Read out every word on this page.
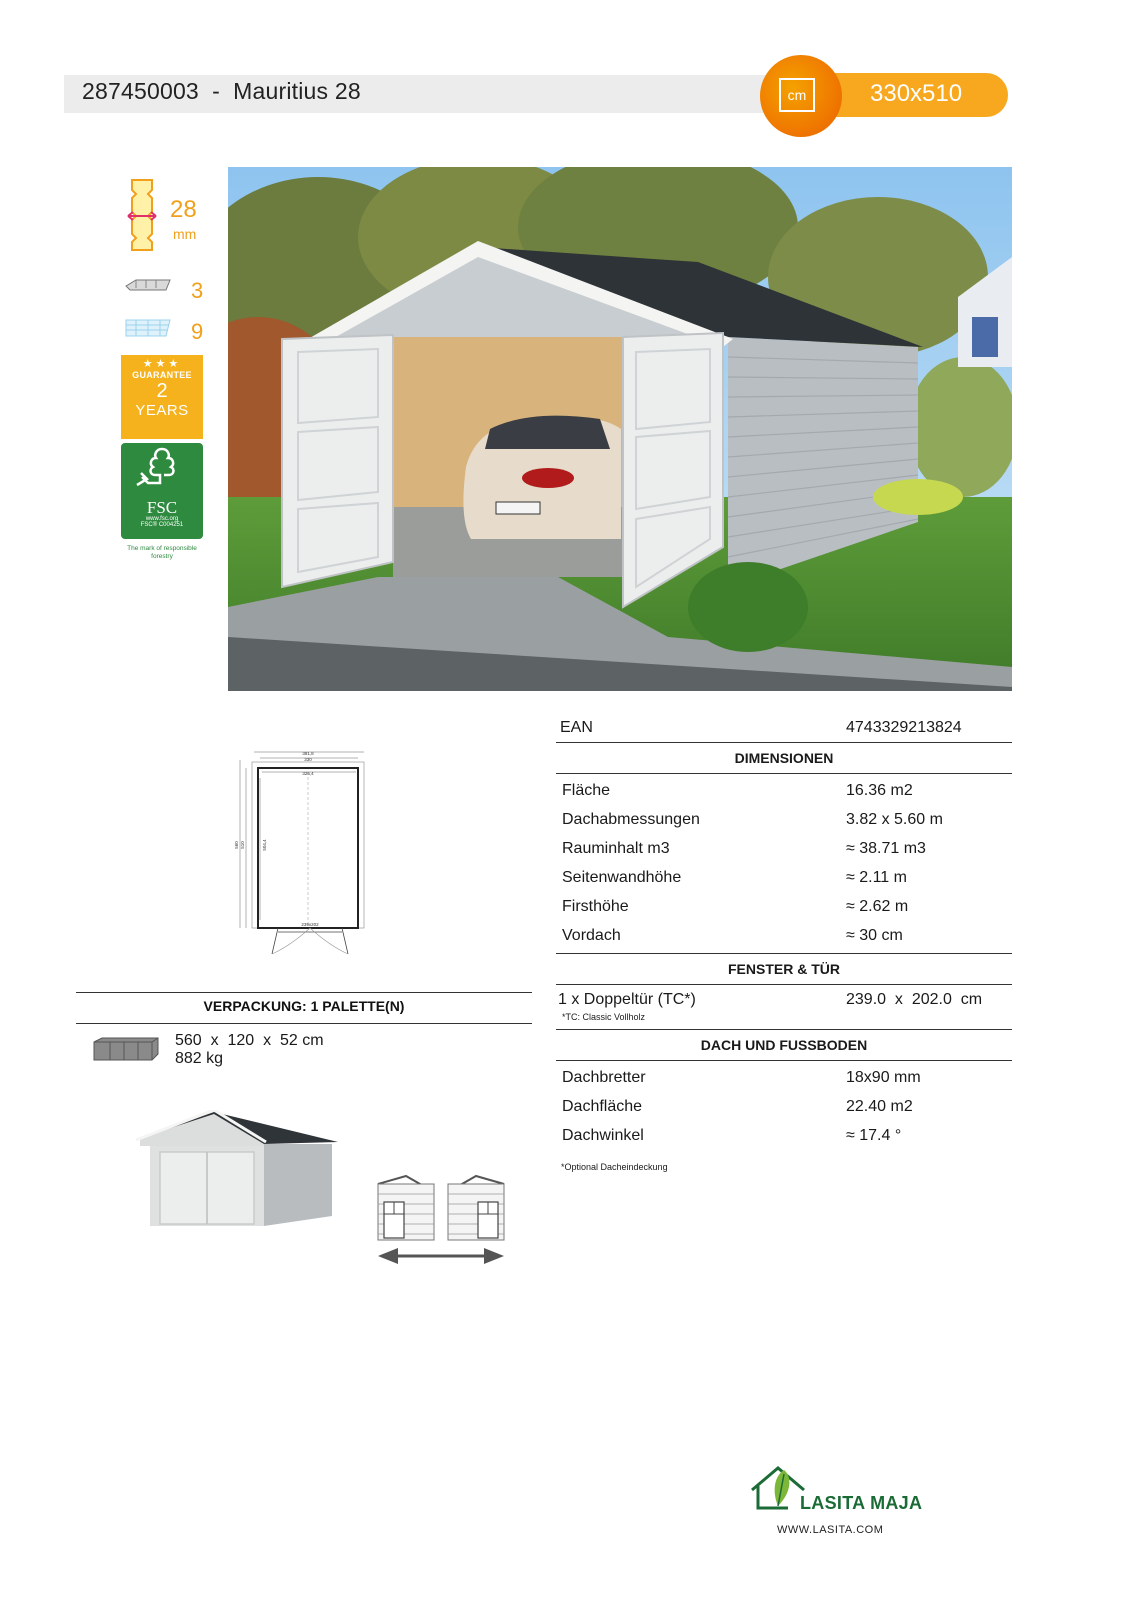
287450003  -  Mauritius 28	330x510
cm
28
mm
3
9
★★★
GUARANTEE
2
YEARS
FSC
www.fsc.org
FSC® C004251
The mark of responsible forestry
381,8
330
326,4
560 510	504,4
239x202
VERPACKUNG: 1 PALETTE(N)
560  x  120  x  52 cm
882 kg
EAN	4743329213824
DIMENSIONEN
Fläche	16.36 m2
Dachabmessungen	3.82 x 5.60 m
Rauminhalt m3	≈ 38.71 m3
Seitenwandhöhe	≈ 2.11 m
Firsthöhe	≈ 2.62 m
Vordach	≈ 30 cm
FENSTER & TÜR
1 x Doppeltür (TC*)	239.0  x  202.0  cm
*TC: Classic Vollholz
DACH UND FUSSBODEN
Dachbretter	18x90 mm
Dachfläche	22.40 m2
Dachwinkel	≈ 17.4 °
*Optional Dacheindeckung
LASITA MAJA
WWW.LASITA.COM
